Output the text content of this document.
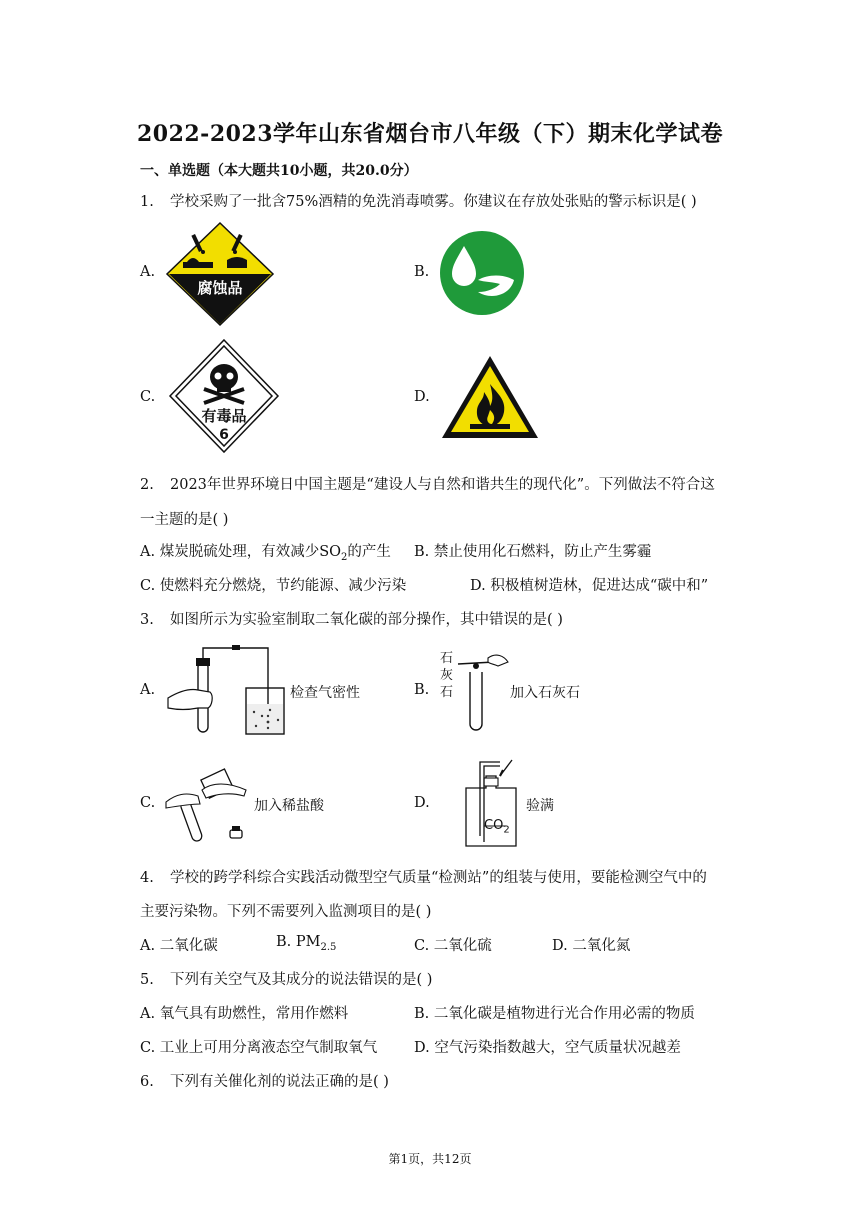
2022-2023学年山东省烟台市八年级（下）期末化学试卷
一、单选题（本大题共10小题，共20.0分）
1. 学校采购了一批含75%酒精的免洗消毒喷雾。你建议在存放处张贴的警示标识是( )
A.
腐蚀品
B.
C.
有毒品
6
D.
2. 2023年世界环境日中国主题是“建设人与自然和谐共生的现代化”。下列做法不符合这
一主题的是( )
A. 煤炭脱硫处理，有效减少$SO_2$的产生 B. 禁止使用化石燃料，防止产生雾霾
C. 使燃料充分燃烧，节约能源、减少污染	D. 积极植树造林，促进达成“碳中和”
3. 如图所示为实验室制取二氧化碳的部分操作，其中错误的是( )
A.	检查气密性	B.
石
灰
石	加入石灰石
C.	加入稀盐酸	D.
$CO_2$
验满
4. 学校的跨学科综合实践活动微型空气质量“检测站”的组装与使用，要能检测空气中的
主要污染物。下列不需要列入监测项目的是( )
A. 二氧化碳	B. $PM_{2.5}$	C. 二氧化硫	D. 二氧化氮
5. 下列有关空气及其成分的说法错误的是( )
A. 氧气具有助燃性，常用作燃料	B. 二氧化碳是植物进行光合作用必需的物质
C. 工业上可用分离液态空气制取氧气	D. 空气污染指数越大，空气质量状况越差
6. 下列有关催化剂的说法正确的是( )
第1页，共12页
